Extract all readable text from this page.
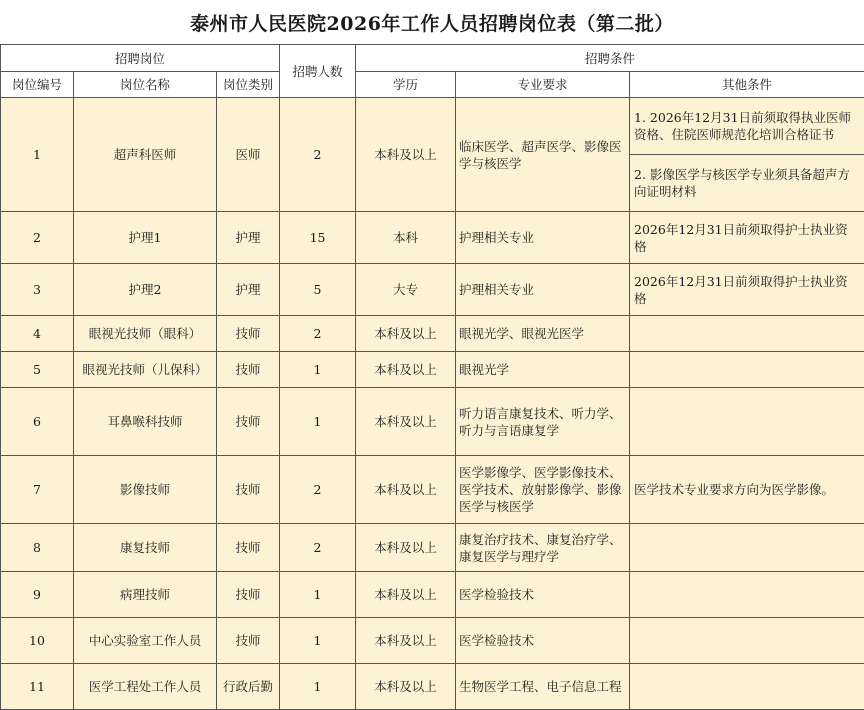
泰州市人民医院2026年工作人员招聘岗位表（第二批）
招聘岗位			招聘人数	招聘条件		
岗位编号	岗位名称	岗位类别		学历	专业要求	其他条件
1	超声科医师	医师	2	本科及以上	临床医学、超声医学、影像医学与核医学	1. 2026年12月31日前须取得执业医师资格、住院医师规范化培训合格证书
2. 影像医学与核医学专业须具备超声方向证明材料

2	护理1	护理	15	本科	护理相关专业	2026年12月31日前须取得护士执业资格
3	护理2	护理	5	大专	护理相关专业	2026年12月31日前须取得护士执业资格
4	眼视光技师（眼科）	技师	2	本科及以上	眼视光学、眼视光医学	
5	眼视光技师（儿保科）	技师	1	本科及以上	眼视光学	
6	耳鼻喉科技师	技师	1	本科及以上	听力语言康复技术、听力学、听力与言语康复学	
7	影像技师	技师	2	本科及以上	医学影像学、医学影像技术、医学技术、放射影像学、影像医学与核医学	医学技术专业要求方向为医学影像。
8	康复技师	技师	2	本科及以上	康复治疗技术、康复治疗学、康复医学与理疗学	
9	病理技师	技师	1	本科及以上	医学检验技术	
10	中心实验室工作人员	技师	1	本科及以上	医学检验技术	
11	医学工程处工作人员	行政后勤	1	本科及以上	生物医学工程、电子信息工程	
